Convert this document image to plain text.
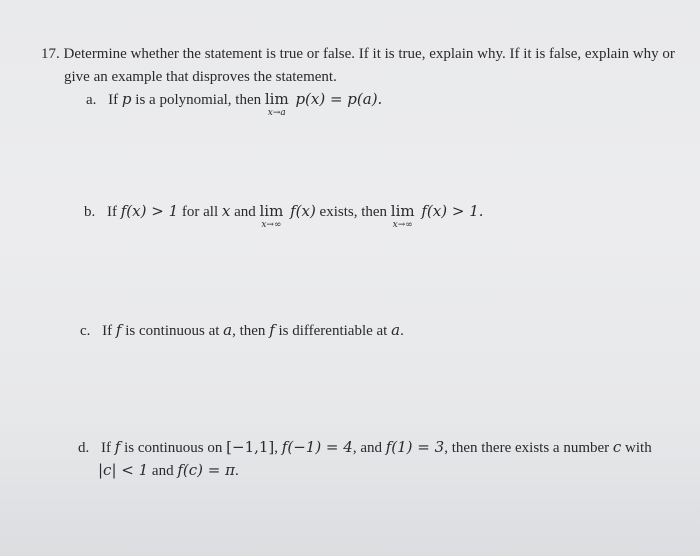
17. Determine whether the statement is true or false. If it is true, explain why. If it is false, explain why or
give an example that disproves the statement.
a. If p is a polynomial, then lim
x→a
p(x) = p(a).
b. If f(x) > 1 for all x and lim
x→∞
f(x) exists, then lim
x→∞
f(x) > 1.
c. If f is continuous at a, then f is differentiable at a.
d. If f is continuous on [−1,1], f(−1) = 4, and f(1) = 3, then there exists a number c with
|c| < 1 and f(c) = π.
